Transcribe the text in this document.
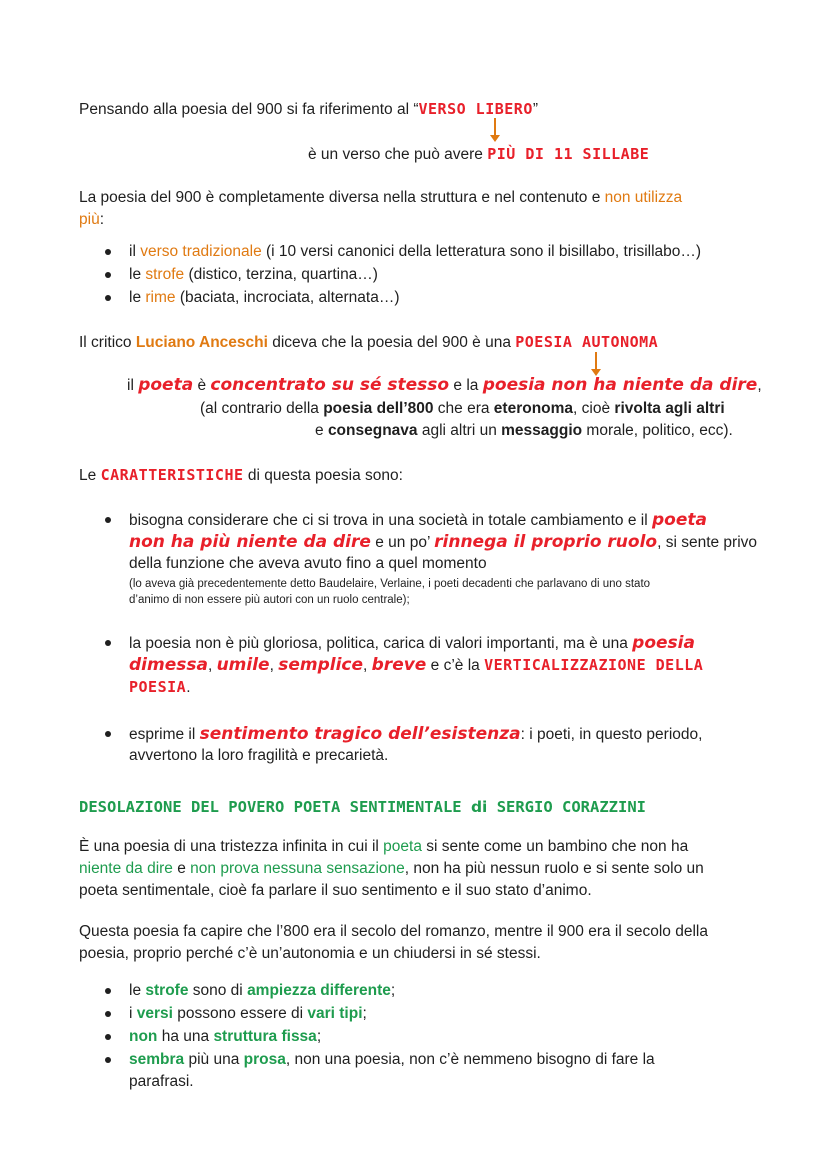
Pensando alla poesia del 900 si fa riferimento al “VERSO LIBERO”
è un verso che può avere PIÙ DI 11 SILLABE
La poesia del 900 è completamente diversa nella struttura e nel contenuto e non utilizza
più:
il verso tradizionale (i 10 versi canonici della letteratura sono il bisillabo, trisillabo…)
le strofe (distico, terzina, quartina…)
le rime (baciata, incrociata, alternata…)
Il critico Luciano Anceschi diceva che la poesia del 900 è una POESIA AUTONOMA
il poeta è concentrato su sé stesso e la poesia non ha niente da dire,
(al contrario della poesia dell’800 che era eteronoma, cioè rivolta agli altri
e consegnava agli altri un messaggio morale, politico, ecc).
Le CARATTERISTICHE di questa poesia sono:
bisogna considerare che ci si trova in una società in totale cambiamento e il poeta
non ha più niente da dire e un po’ rinnega il proprio ruolo, si sente privo
della funzione che aveva avuto fino a quel momento
(lo aveva già precedentemente detto Baudelaire, Verlaine, i poeti decadenti che parlavano di uno stato
d’animo di non essere più autori con un ruolo centrale);
la poesia non è più gloriosa, politica, carica di valori importanti, ma è una poesia
dimessa, umile, semplice, breve e c’è la VERTICALIZZAZIONE DELLA
POESIA.
esprime il sentimento tragico dell’esistenza: i poeti, in questo periodo,
avvertono la loro fragilità e precarietà.
DESOLAZIONE DEL POVERO POETA SENTIMENTALE di SERGIO CORAZZINI
È una poesia di una tristezza infinita in cui il poeta si sente come un bambino che non ha
niente da dire e non prova nessuna sensazione, non ha più nessun ruolo e si sente solo un
poeta sentimentale, cioè fa parlare il suo sentimento e il suo stato d’animo.
Questa poesia fa capire che l’800 era il secolo del romanzo, mentre il 900 era il secolo della
poesia, proprio perché c’è un’autonomia e un chiudersi in sé stessi.
le strofe sono di ampiezza differente;
i versi possono essere di vari tipi;
non ha una struttura fissa;
sembra più una prosa, non una poesia, non c’è nemmeno bisogno di fare la
parafrasi.
